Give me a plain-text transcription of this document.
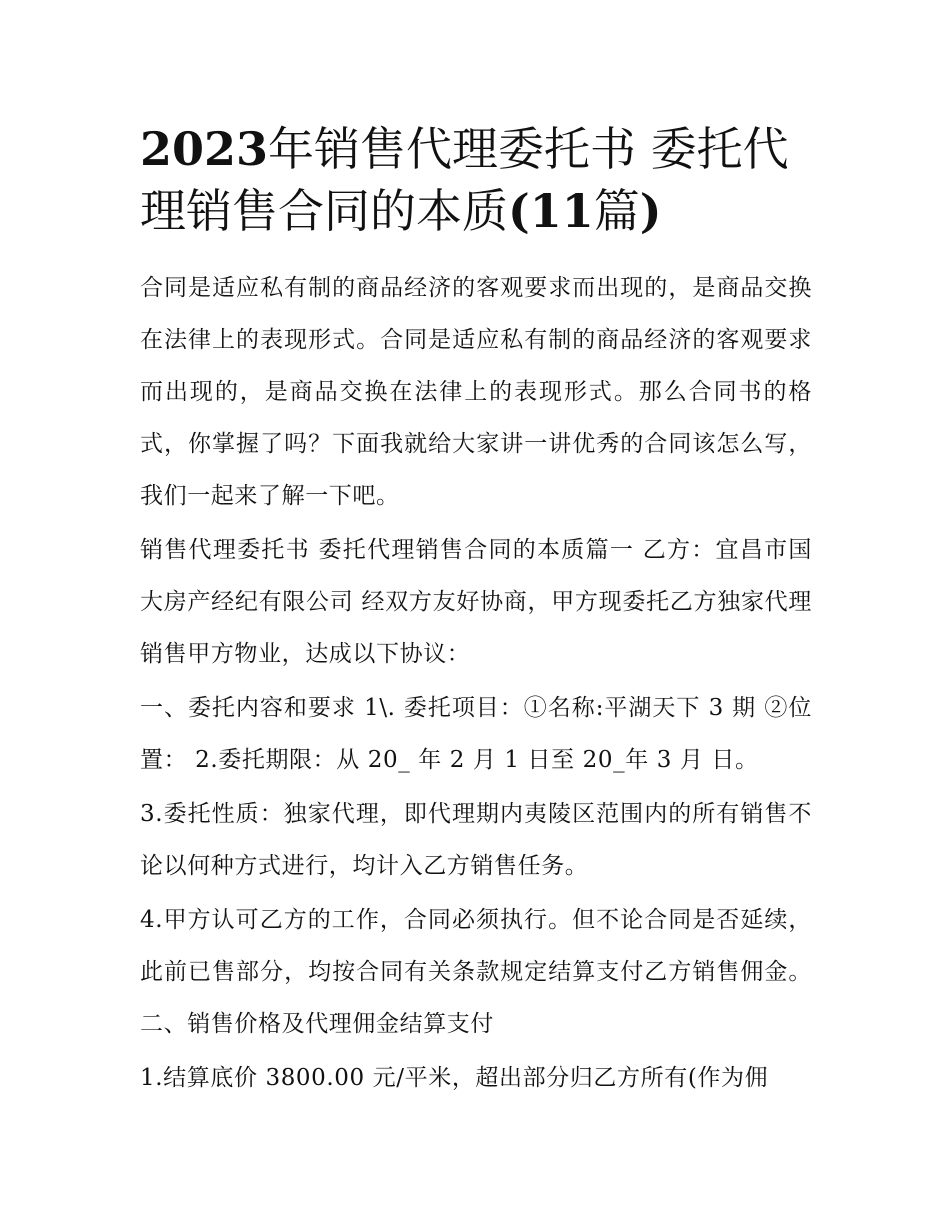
2023年销售代理委托书 委托代理销售合同的本质(11篇)

合同是适应私有制的商品经济的客观要求而出现的，是商品交换在法律上的表现形式。合同是适应私有制的商品经济的客观要求而出现的，是商品交换在法律上的表现形式。那么合同书的格式，你掌握了吗？下面我就给大家讲一讲优秀的合同该怎么写，我们一起来了解一下吧。

销售代理委托书 委托代理销售合同的本质篇一 乙方：宜昌市国大房产经纪有限公司 经双方友好协商，甲方现委托乙方独家代理销售甲方物业，达成以下协议：

一、委托内容和要求 1\. 委托项目：①名称:平湖天下 3 期 ②位置： 2.委托期限：从 20_ 年 2 月 1 日至 20_年 3 月 日。

3.委托性质：独家代理，即代理期内夷陵区范围内的所有销售不论以何种方式进行，均计入乙方销售任务。

4.甲方认可乙方的工作，合同必须执行。但不论合同是否延续，此前已售部分，均按合同有关条款规定结算支付乙方销售佣金。 二、销售价格及代理佣金结算支付

1.结算底价 3800.00 元/平米，超出部分归乙方所有(作为佣
